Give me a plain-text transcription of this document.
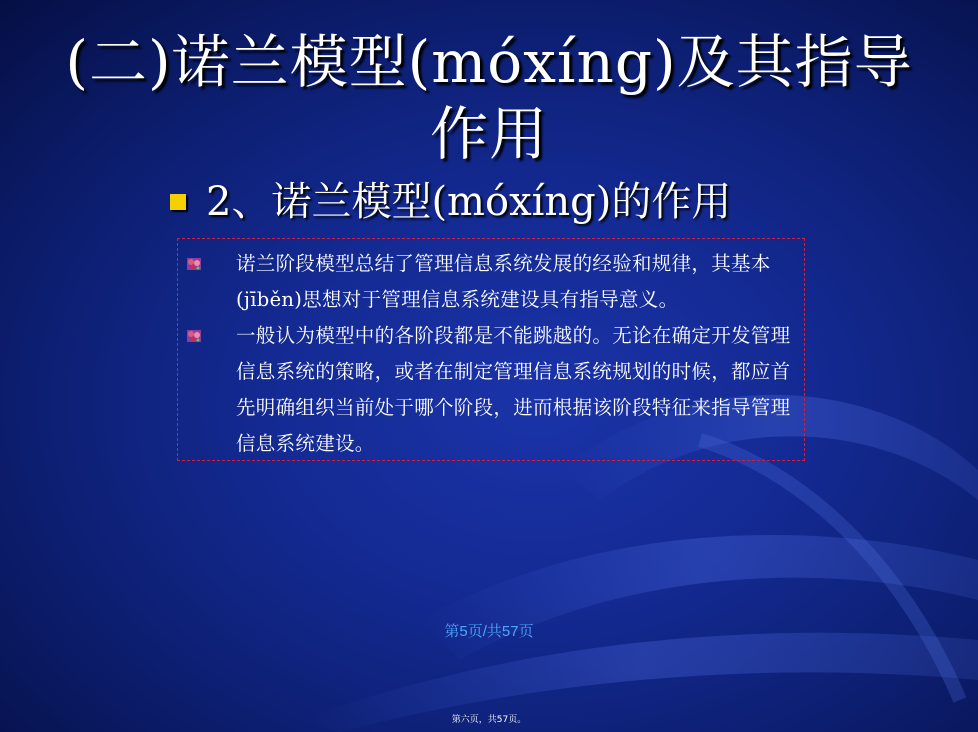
(二)诺兰模型(móxíng)及其指导作用
2、诺兰模型(móxíng)的作用
诺兰阶段模型总结了管理信息系统发展的经验和规律，其基本(jīběn)思想对于管理信息系统建设具有指导意义。
一般认为模型中的各阶段都是不能跳越的。无论在确定开发管理信息系统的策略，或者在制定管理信息系统规划的时候，都应首先明确组织当前处于哪个阶段，进而根据该阶段特征来指导管理信息系统建设。
第5页/共57页
第六页，共57页。
